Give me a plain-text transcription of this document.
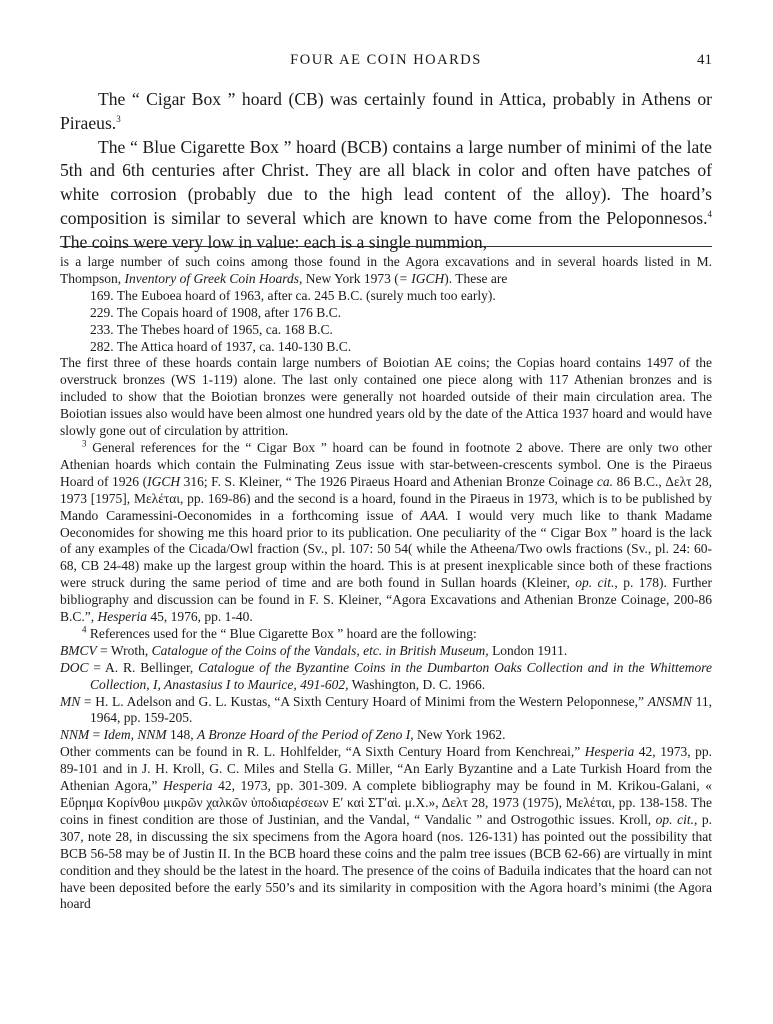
FOUR AE COIN HOARDS	41

The “ Cigar Box ” hoard (CB) was certainly found in Attica, probably in Athens or Piraeus.$^3$

The “ Blue Cigarette Box ” hoard (BCB) contains a large number of minimi of the late 5th and 6th centuries after Christ. They are all black in color and often have patches of white corrosion (probably due to the high lead content of the alloy). The hoard’s composition is similar to several which are known to have come from the Peloponnesos.$^4$ The coins were very low in value: each is a single nummion,

is a large number of such coins among those found in the Agora excavations and in several hoards listed in M. Thompson, Inventory of Greek Coin Hoards, New York 1973 (= IGCH). These are

169. The Euboea hoard of 1963, after ca. 245 B.C. (surely much too early).

229. The Copais hoard of 1908, after 176 B.C.

233. The Thebes hoard of 1965, ca. 168 B.C.

282. The Attica hoard of 1937, ca. 140-130 B.C.

The first three of these hoards contain large numbers of Boiotian AE coins; the Copias hoard contains 1497 of the overstruck bronzes (WS 1-119) alone. The last only contained one piece along with 117 Athenian bronzes and is included to show that the Boiotian bronzes were generally not hoarded outside of their main circulation area. The Boiotian issues also would have been almost one hundred years old by the date of the Attica 1937 hoard and would have slowly gone out of circulation by attrition.

$^3$ General references for the “ Cigar Box ” hoard can be found in footnote 2 above. There are only two other Athenian hoards which contain the Fulminating Zeus issue with star-between-crescents symbol. One is the Piraeus Hoard of 1926 (IGCH 316; F. S. Kleiner, “ The 1926 Piraeus Hoard and Athenian Bronze Coinage ca. 86 B.C., Δελτ 28, 1973 [1975], Μελέται, pp. 169-86) and the second is a hoard, found in the Piraeus in 1973, which is to be published by Mando Caramessini-Oeconomides in a forthcoming issue of AAA. I would very much like to thank Madame Oeconomides for showing me this hoard prior to its publication. One peculiarity of the “ Cigar Box ” hoard is the lack of any examples of the Cicada/Owl fraction (Sv., pl. 107: 50 54( while the Atheena/Two owls fractions (Sv., pl. 24: 60-68, CB 24-48) make up the largest group within the hoard. This is at present inexplicable since both of these fractions were struck during the same period of time and are both found in Sullan hoards (Kleiner, op. cit., p. 178). Further bibliography and discussion can be found in F. S. Kleiner, “Agora Excavations and Athenian Bronze Coinage, 200-86 B.C.”, Hesperia 45, 1976, pp. 1-40.

$^4$ References used for the “ Blue Cigarette Box ” hoard are the following:

BMCV = Wroth, Catalogue of the Coins of the Vandals, etc. in British Museum, London 1911.

DOC = A. R. Bellinger, Catalogue of the Byzantine Coins in the Dumbarton Oaks Collection and in the Whittemore Collection, I, Anastasius I to Maurice, 491-602, Washington, D. C. 1966.

MN = H. L. Adelson and G. L. Kustas, “A Sixth Century Hoard of Minimi from the Western Peloponnese,” ANSMN 11, 1964, pp. 159-205.

NNM = Idem, NNM 148, A Bronze Hoard of the Period of Zeno I, New York 1962.

Other comments can be found in R. L. Hohlfelder, “A Sixth Century Hoard from Kenchreai,” Hesperia 42, 1973, pp. 89-101 and in J. H. Kroll, G. C. Miles and Stella G. Miller, “An Early Byzantine and a Late Turkish Hoard from the Athenian Agora,” Hesperia 42, 1973, pp. 301-309. A complete bibliography may be found in M. Krikou-Galani, « Εὕρημα Κορίνθου μικρῶν χαλκῶν ὑποδιαρέσεων Εʹ καὶ ΣΤʹαὶ. μ.Χ.», Δελτ 28, 1973 (1975), Μελέται, pp. 138-158. The coins in finest condition are those of Justinian, and the Vandal, “ Vandalic ” and Ostrogothic issues. Kroll, op. cit., p. 307, note 28, in discussing the six specimens from the Agora hoard (nos. 126-131) has pointed out the possibility that BCB 56-58 may be of Justin II. In the BCB hoard these coins and the palm tree issues (BCB 62-66) are virtually in mint condition and they should be the latest in the hoard. The presence of the coins of Baduila indicates that the hoard can not have been deposited before the early 550’s and its similarity in composition with the Agora hoard’s minimi (the Agora hoard
